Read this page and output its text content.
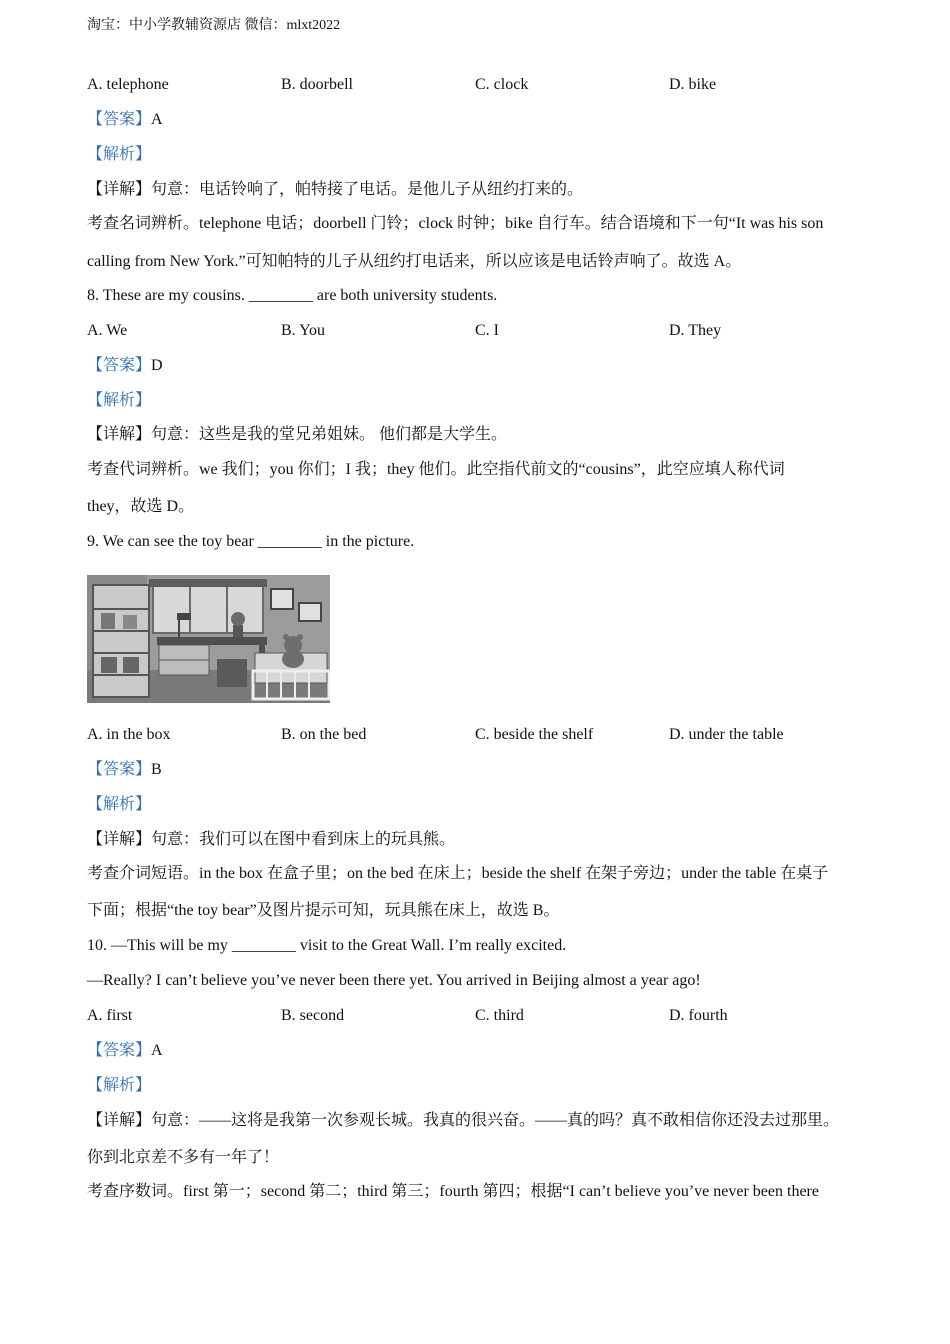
淘宝：中小学教辅资源店 微信：mlxt2022
A. telephone	B. doorbell	C. clock	D. bike
【答案】A
【解析】
【详解】句意：电话铃响了，帕特接了电话。是他儿子从纽约打来的。
考查名词辨析。telephone 电话；doorbell 门铃；clock 时钟；bike 自行车。结合语境和下一句“It was his son
calling from New York.”可知帕特的儿子从纽约打电话来，所以应该是电话铃声响了。故选 A。
8. These are my cousins. ________ are both university students.
A. We	B. You	C. I	D. They
【答案】D
【解析】
【详解】句意：这些是我的堂兄弟姐妹。 他们都是大学生。
考查代词辨析。we 我们；you 你们；I 我；they 他们。此空指代前文的“cousins”，此空应填人称代词
they，故选 D。
9. We can see the toy bear ________ in the picture.
A. in the box	B. on the bed	C. beside the shelf	D. under the table
【答案】B
【解析】
【详解】句意：我们可以在图中看到床上的玩具熊。
考查介词短语。in the box 在盒子里；on the bed 在床上；beside the shelf 在架子旁边；under the table 在桌子
下面；根据“the toy bear”及图片提示可知，玩具熊在床上，故选 B。
10. —This will be my ________ visit to the Great Wall. I’m really excited.
—Really? I can’t believe you’ve never been there yet. You arrived in Beijing almost a year ago!
A. first	B. second	C. third	D. fourth
【答案】A
【解析】
【详解】句意：——这将是我第一次参观长城。我真的很兴奋。——真的吗？真不敢相信你还没去过那里。
你到北京差不多有一年了！
考查序数词。first 第一；second 第二；third 第三；fourth 第四；根据“I can’t believe you’ve never been there
